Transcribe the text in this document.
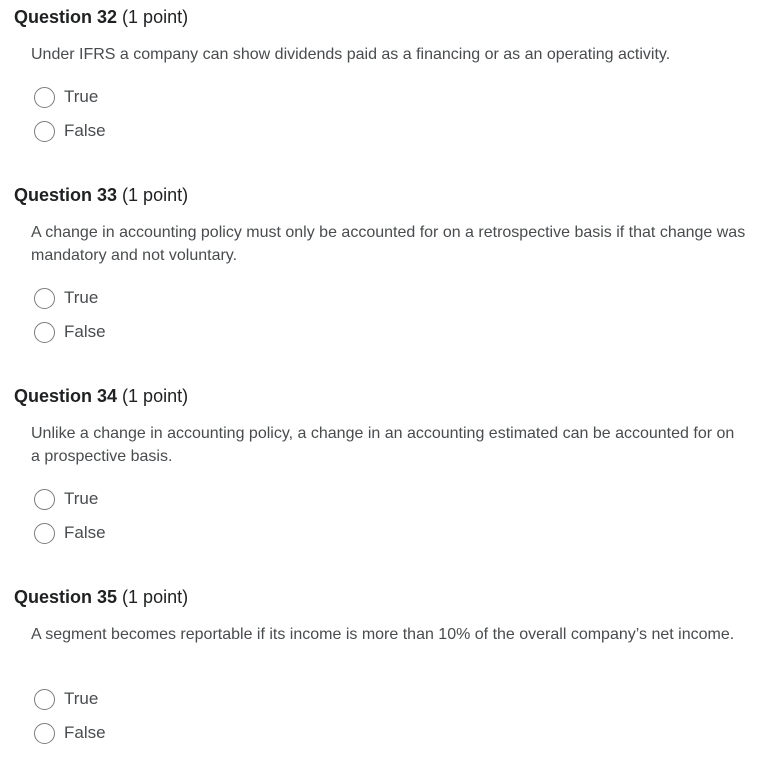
Question 32 (1 point)
Under IFRS a company can show dividends paid as a financing or as an operating activity.
True
False
Question 33 (1 point)
A change in accounting policy must only be accounted for on a retrospective basis if that change was mandatory and not voluntary.
True
False
Question 34 (1 point)
Unlike a change in accounting policy, a change in an accounting estimated can be accounted for on a prospective basis.
True
False
Question 35 (1 point)
A segment becomes reportable if its income is more than 10% of the overall company’s net income.
True
False
